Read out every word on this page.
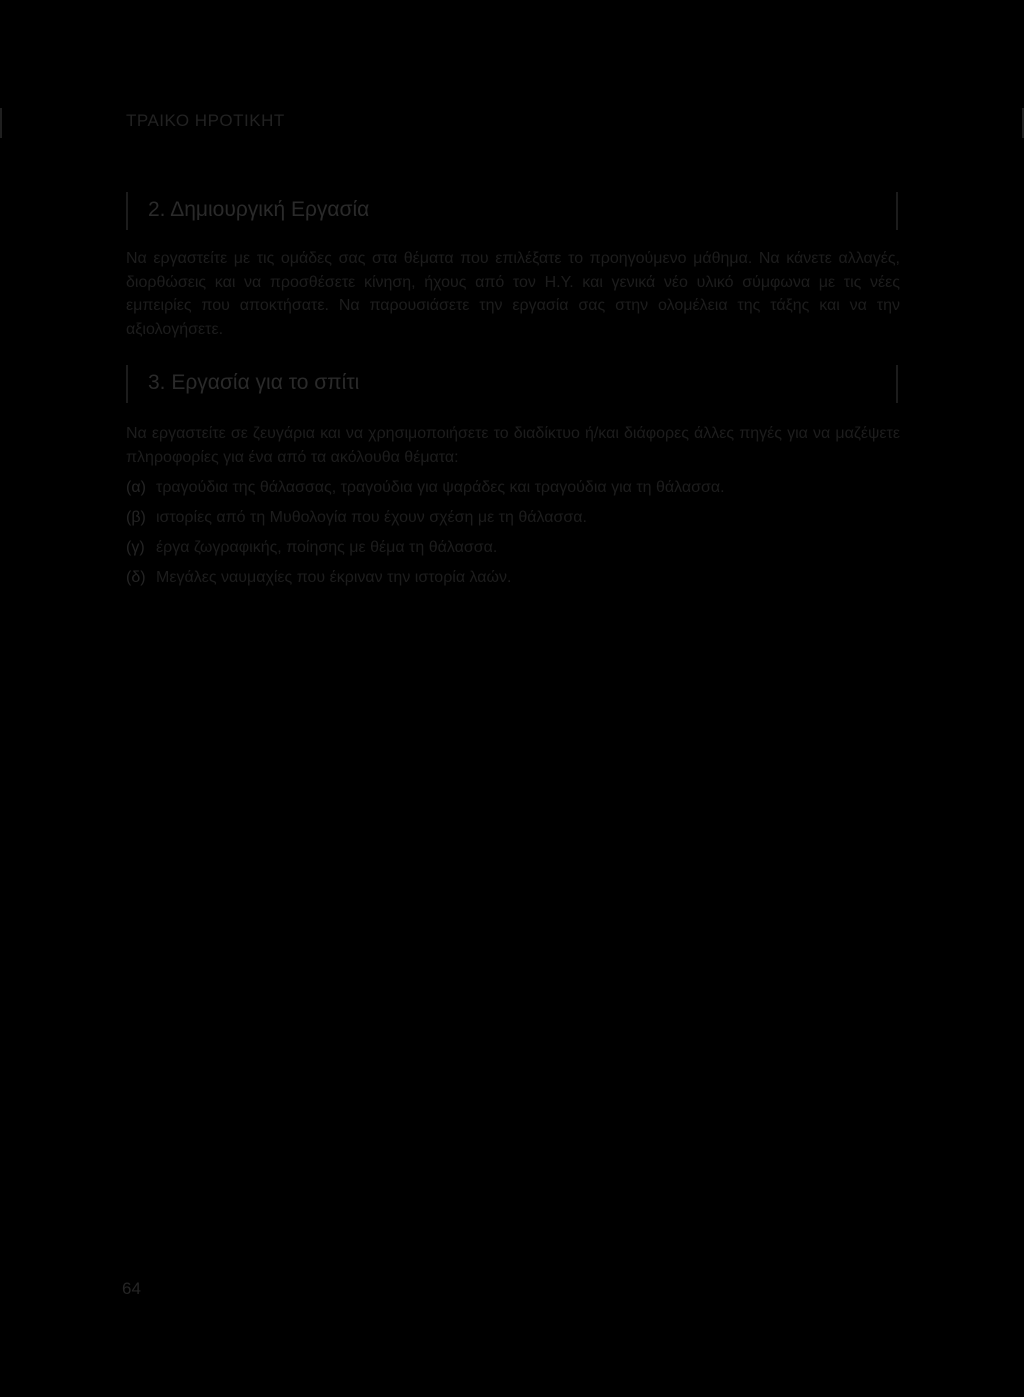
ΤΡΑΙΚΟ ΗΡΟΤΙΚΗΤ
2. Δημιουργική Εργασία
Να εργαστείτε με τις ομάδες σας στα θέματα που επιλέξατε το προηγούμενο μάθημα. Να κάνετε αλλαγές, διορθώσεις και να προσθέσετε κίνηση, ήχους από τον Η.Υ. και γενικά νέο υλικό σύμφωνα με τις νέες εμπειρίες που αποκτήσατε. Να παρουσιάσετε την εργασία σας στην ολομέλεια της τάξης και να την αξιολογήσετε.
3. Εργασία για το σπίτι
Να εργαστείτε σε ζευγάρια και να χρησιμοποιήσετε το διαδίκτυο ή/και διάφορες άλλες πηγές για να μαζέψετε πληροφορίες για ένα από τα ακόλουθα θέματα:
(α) τραγούδια της θάλασσας, τραγούδια για ψαράδες και τραγούδια για τη θάλασσα.
(β) ιστορίες από τη Μυθολογία που έχουν σχέση με τη θάλασσα.
(γ) έργα ζωγραφικής, ποίησης με θέμα τη θάλασσα.
(δ) Μεγάλες ναυμαχίες που έκριναν την ιστορία λαών.
64
